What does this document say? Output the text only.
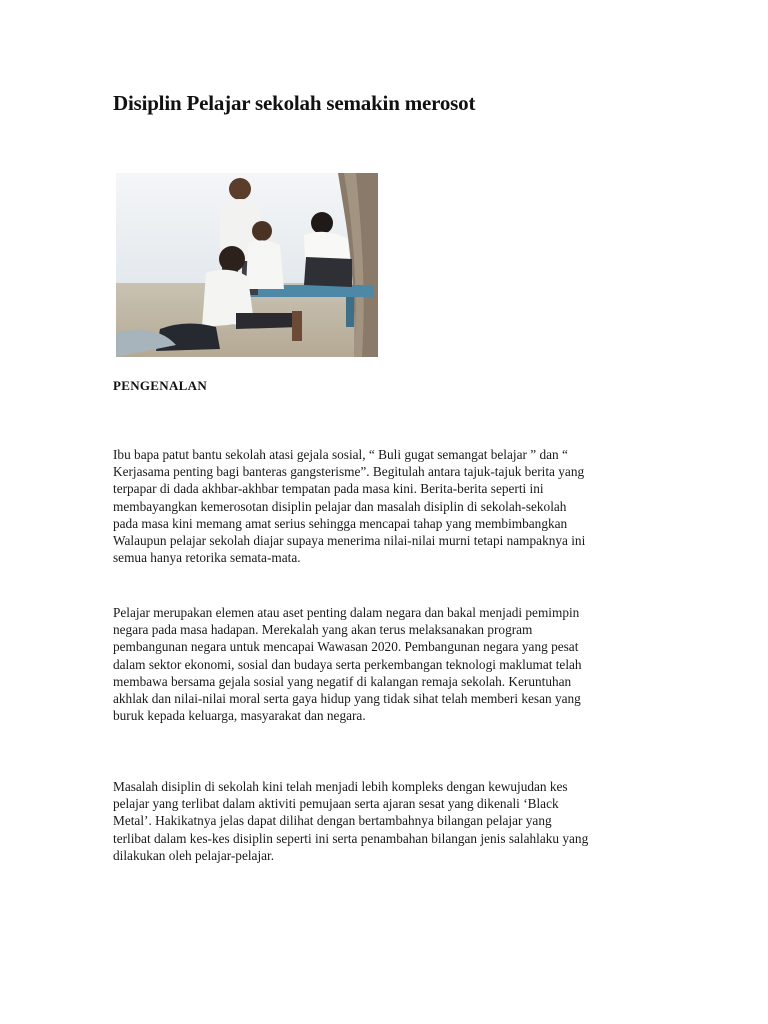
Disiplin Pelajar sekolah semakin merosot
PENGENALAN
Ibu bapa patut bantu sekolah atasi gejala sosial, “ Buli gugat semangat belajar ” dan “
Kerjasama penting bagi banteras gangsterisme”. Begitulah antara tajuk-tajuk berita yang
terpapar di dada akhbar-akhbar tempatan pada masa kini. Berita-berita seperti ini
membayangkan kemerosotan disiplin pelajar dan masalah disiplin di sekolah-sekolah
pada masa kini memang amat serius sehingga mencapai tahap yang membimbangkan
Walaupun pelajar sekolah diajar supaya menerima nilai-nilai murni tetapi nampaknya ini
semua hanya retorika semata-mata.
Pelajar merupakan elemen atau aset penting dalam negara dan bakal menjadi pemimpin
negara pada masa hadapan. Merekalah yang akan terus melaksanakan program
pembangunan negara untuk mencapai Wawasan 2020. Pembangunan negara yang pesat
dalam sektor ekonomi, sosial dan budaya serta perkembangan teknologi maklumat telah
membawa bersama gejala sosial yang negatif di kalangan remaja sekolah. Keruntuhan
akhlak dan nilai-nilai moral serta gaya hidup yang tidak sihat telah memberi kesan yang
buruk kepada keluarga, masyarakat dan negara.
Masalah disiplin di sekolah kini telah menjadi lebih kompleks dengan kewujudan kes
pelajar yang terlibat dalam aktiviti pemujaan serta ajaran sesat yang dikenali ‘Black
Metal’. Hakikatnya jelas dapat dilihat dengan bertambahnya bilangan pelajar yang
terlibat dalam kes-kes disiplin seperti ini serta penambahan bilangan jenis salahlaku yang
dilakukan oleh pelajar-pelajar.
